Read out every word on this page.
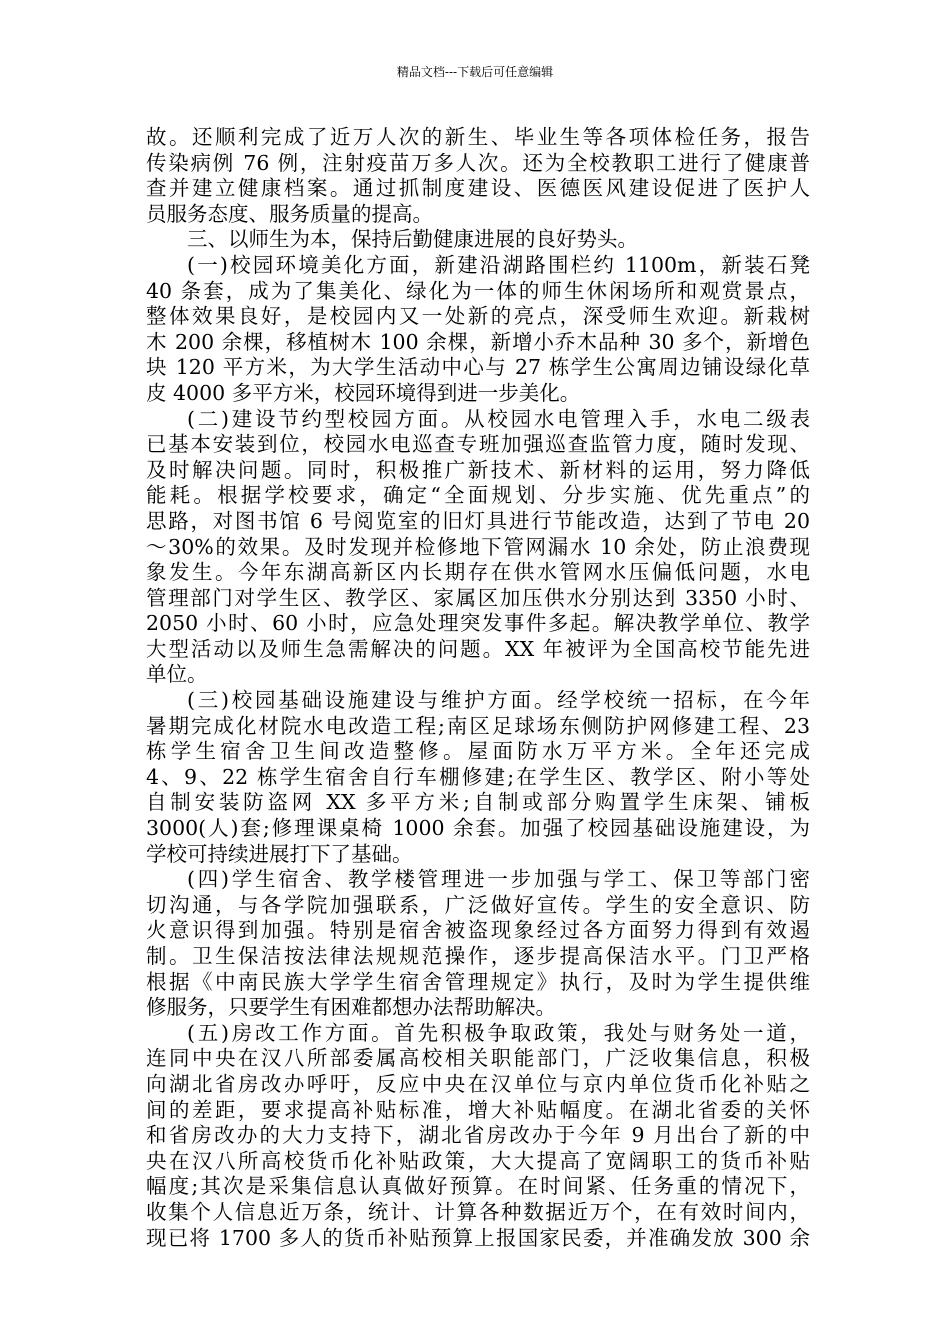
精品文档---下载后可任意编辑
故。还顺利完成了近万人次的新生、毕业生等各项体检任务，报告
传染病例 76 例，注射疫苗万多人次。还为全校教职工进行了健康普
查并建立健康档案。通过抓制度建设、医德医风建设促进了医护人
员服务态度、服务质量的提高。
三、以师生为本，保持后勤健康进展的良好势头。
(一)校园环境美化方面，新建沿湖路围栏约 1100m，新装石凳
40 条套，成为了集美化、绿化为一体的师生休闲场所和观赏景点，
整体效果良好，是校园内又一处新的亮点，深受师生欢迎。新栽树
木 200 余棵，移植树木 100 余棵，新增小乔木品种 30 多个，新增色
块 120 平方米，为大学生活动中心与 27 栋学生公寓周边铺设绿化草
皮 4000 多平方米，校园环境得到进一步美化。
(二)建设节约型校园方面。从校园水电管理入手，水电二级表
已基本安装到位，校园水电巡查专班加强巡查监管力度，随时发现、
及时解决问题。同时，积极推广新技术、新材料的运用，努力降低
能耗。根据学校要求，确定“全面规划、分步实施、优先重点”的
思路，对图书馆 6 号阅览室的旧灯具进行节能改造，达到了节电 20
～30%的效果。及时发现并检修地下管网漏水 10 余处，防止浪费现
象发生。今年东湖高新区内长期存在供水管网水压偏低问题，水电
管理部门对学生区、教学区、家属区加压供水分别达到 3350 小时、
2050 小时、60 小时，应急处理突发事件多起。解决教学单位、教学
大型活动以及师生急需解决的问题。XX 年被评为全国高校节能先进
单位。
(三)校园基础设施建设与维护方面。经学校统一招标，在今年
暑期完成化材院水电改造工程;南区足球场东侧防护网修建工程、23
栋学生宿舍卫生间改造整修。屋面防水万平方米。全年还完成
4、9、22 栋学生宿舍自行车棚修建;在学生区、教学区、附小等处
自制安装防盗网 XX 多平方米;自制或部分购置学生床架、铺板
3000(人)套;修理课桌椅 1000 余套。加强了校园基础设施建设，为
学校可持续进展打下了基础。
(四)学生宿舍、教学楼管理进一步加强与学工、保卫等部门密
切沟通，与各学院加强联系，广泛做好宣传。学生的安全意识、防
火意识得到加强。特别是宿舍被盗现象经过各方面努力得到有效遏
制。卫生保洁按法律法规规范操作，逐步提高保洁水平。门卫严格
根据《中南民族大学学生宿舍管理规定》执行，及时为学生提供维
修服务，只要学生有困难都想办法帮助解决。
(五)房改工作方面。首先积极争取政策，我处与财务处一道，
连同中央在汉八所部委属高校相关职能部门，广泛收集信息，积极
向湖北省房改办呼吁，反应中央在汉单位与京内单位货币化补贴之
间的差距，要求提高补贴标准，增大补贴幅度。在湖北省委的关怀
和省房改办的大力支持下，湖北省房改办于今年 9 月出台了新的中
央在汉八所高校货币化补贴政策，大大提高了宽阔职工的货币补贴
幅度;其次是采集信息认真做好预算。在时间紧、任务重的情况下，
收集个人信息近万条，统计、计算各种数据近万个，在有效时间内，
现已将 1700 多人的货币补贴预算上报国家民委，并准确发放 300 余
